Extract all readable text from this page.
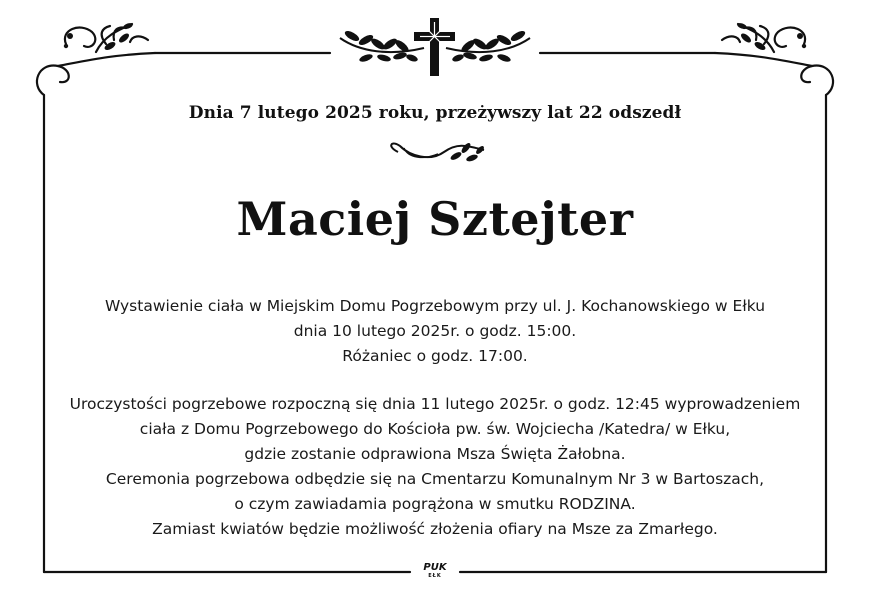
Dnia 7 lutego 2025 roku, przeżywszy lat 22 odszedł
Maciej Sztejter
Wystawienie ciała w Miejskim Domu Pogrzebowym przy ul. J. Kochanowskiego w Ełku
dnia 10 lutego 2025r. o godz. 15:00.
Różaniec o godz. 17:00.
Uroczystości pogrzebowe rozpoczną się dnia 11 lutego 2025r. o godz. 12:45 wyprowadzeniem
ciała z Domu Pogrzebowego do Kościoła pw. św. Wojciecha /Katedra/ w Ełku,
gdzie zostanie odprawiona Msza Święta Żałobna.
Ceremonia pogrzebowa odbędzie się na Cmentarzu Komunalnym Nr 3 w Bartoszach,
o czym zawiadamia pogrążona w smutku RODZINA.
Zamiast kwiatów będzie możliwość złożenia ofiary na Msze za Zmarłego.
PUK
EŁK
